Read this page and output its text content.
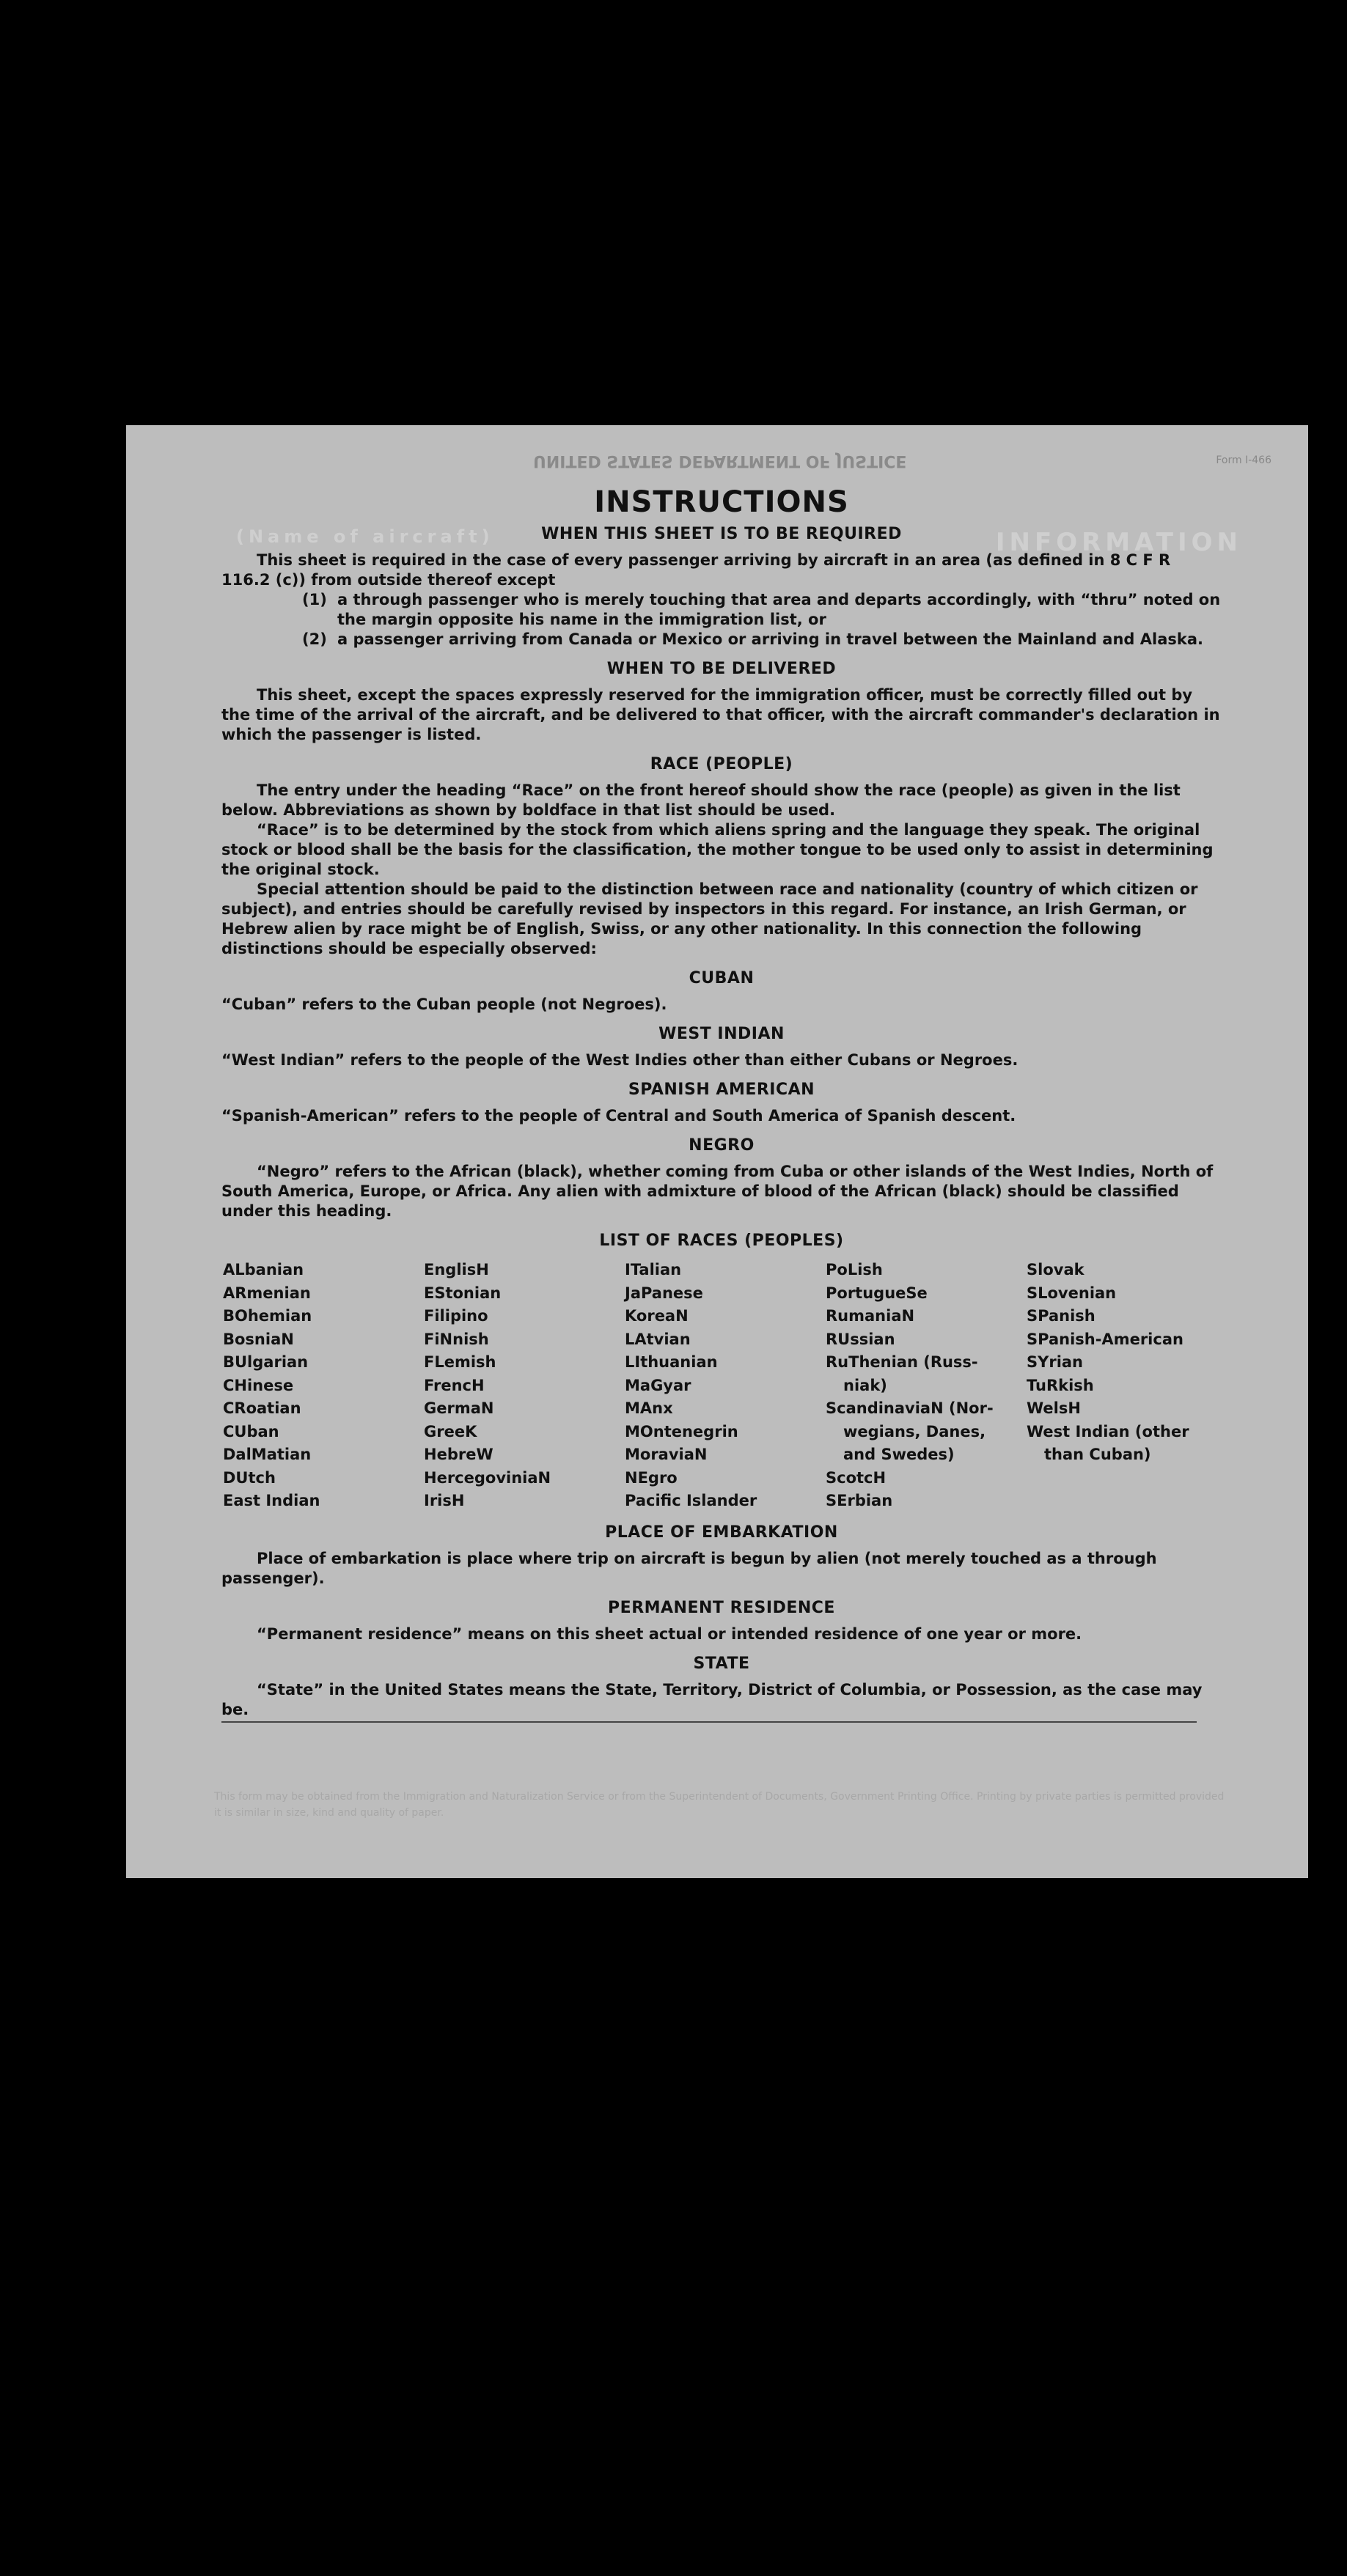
UNITED STATES DEPARTMENT OF JUSTICE	Form I-466
(Name of aircraft)	INFORMATION
INSTRUCTIONS
WHEN THIS SHEET IS TO BE REQUIRED

This sheet is required in the case of every passenger arriving by aircraft in an area (as defined in 8 C F R 116.2 (c)) from outside thereof except

(1) a through passenger who is merely touching that area and departs accordingly, with “thru” noted on the margin opposite his name in the immigration list, or
(2) a passenger arriving from Canada or Mexico or arriving in travel between the Mainland and Alaska.
WHEN TO BE DELIVERED

This sheet, except the spaces expressly reserved for the immigration officer, must be correctly filled out by the time of the arrival of the aircraft, and be delivered to that officer, with the aircraft commander's declaration in which the passenger is listed.

RACE (PEOPLE)

The entry under the heading “Race” on the front hereof should show the race (people) as given in the list below. Abbreviations as shown by boldface in that list should be used.

“Race” is to be determined by the stock from which aliens spring and the language they speak. The original stock or blood shall be the basis for the classification, the mother tongue to be used only to assist in determining the original stock.

Special attention should be paid to the distinction between race and nationality (country of which citizen or subject), and entries should be carefully revised by inspectors in this regard. For instance, an Irish German, or Hebrew alien by race might be of English, Swiss, or any other nationality. In this connection the following distinctions should be especially observed:

CUBAN

“Cuban” refers to the Cuban people (not Negroes).

WEST INDIAN

“West Indian” refers to the people of the West Indies other than either Cubans or Negroes.

SPANISH AMERICAN

“Spanish-American” refers to the people of Central and South America of Spanish descent.

NEGRO

“Negro” refers to the African (black), whether coming from Cuba or other islands of the West Indies, North of South America, Europe, or Africa. Any alien with admixture of blood of the African (black) should be classified under this heading.

LIST OF RACES (PEOPLES)
ALbanian
ARmenian
BOhemian
BosniaN
BUlgarian
CHinese
CRoatian
CUban
DalMatian
DUtch
East Indian
EnglisH
EStonian
Filipino
FiNnish
FLemish
FrencH
GermaN
GreeK
HebreW
HercegoviniaN
IrisH
ITalian
JaPanese
KoreaN
LAtvian
LIthuanian
MaGyar
MAnx
MOntenegrin
MoraviaN
NEgro
Pacific Islander
PoLish
PortugueSe
RumaniaN
RUssian
RuThenian (Russ-
niak)
ScandinaviaN (Nor-
wegians, Danes,
and Swedes)
ScotcH
SErbian
Slovak
SLovenian
SPanish
SPanish-American
SYrian
TuRkish
WelsH
West Indian (other
than Cuban)
PLACE OF EMBARKATION

Place of embarkation is place where trip on aircraft is begun by alien (not merely touched as a through passenger).

PERMANENT RESIDENCE

“Permanent residence” means on this sheet actual or intended residence of one year or more.

STATE

“State” in the United States means the State, Territory, District of Columbia, or Possession, as the case may be.

This form may be obtained from the Immigration and Naturalization Service or from the Superintendent of Documents, Government Printing Office. Printing by private parties is permitted provided it is similar in size, kind and quality of paper.
